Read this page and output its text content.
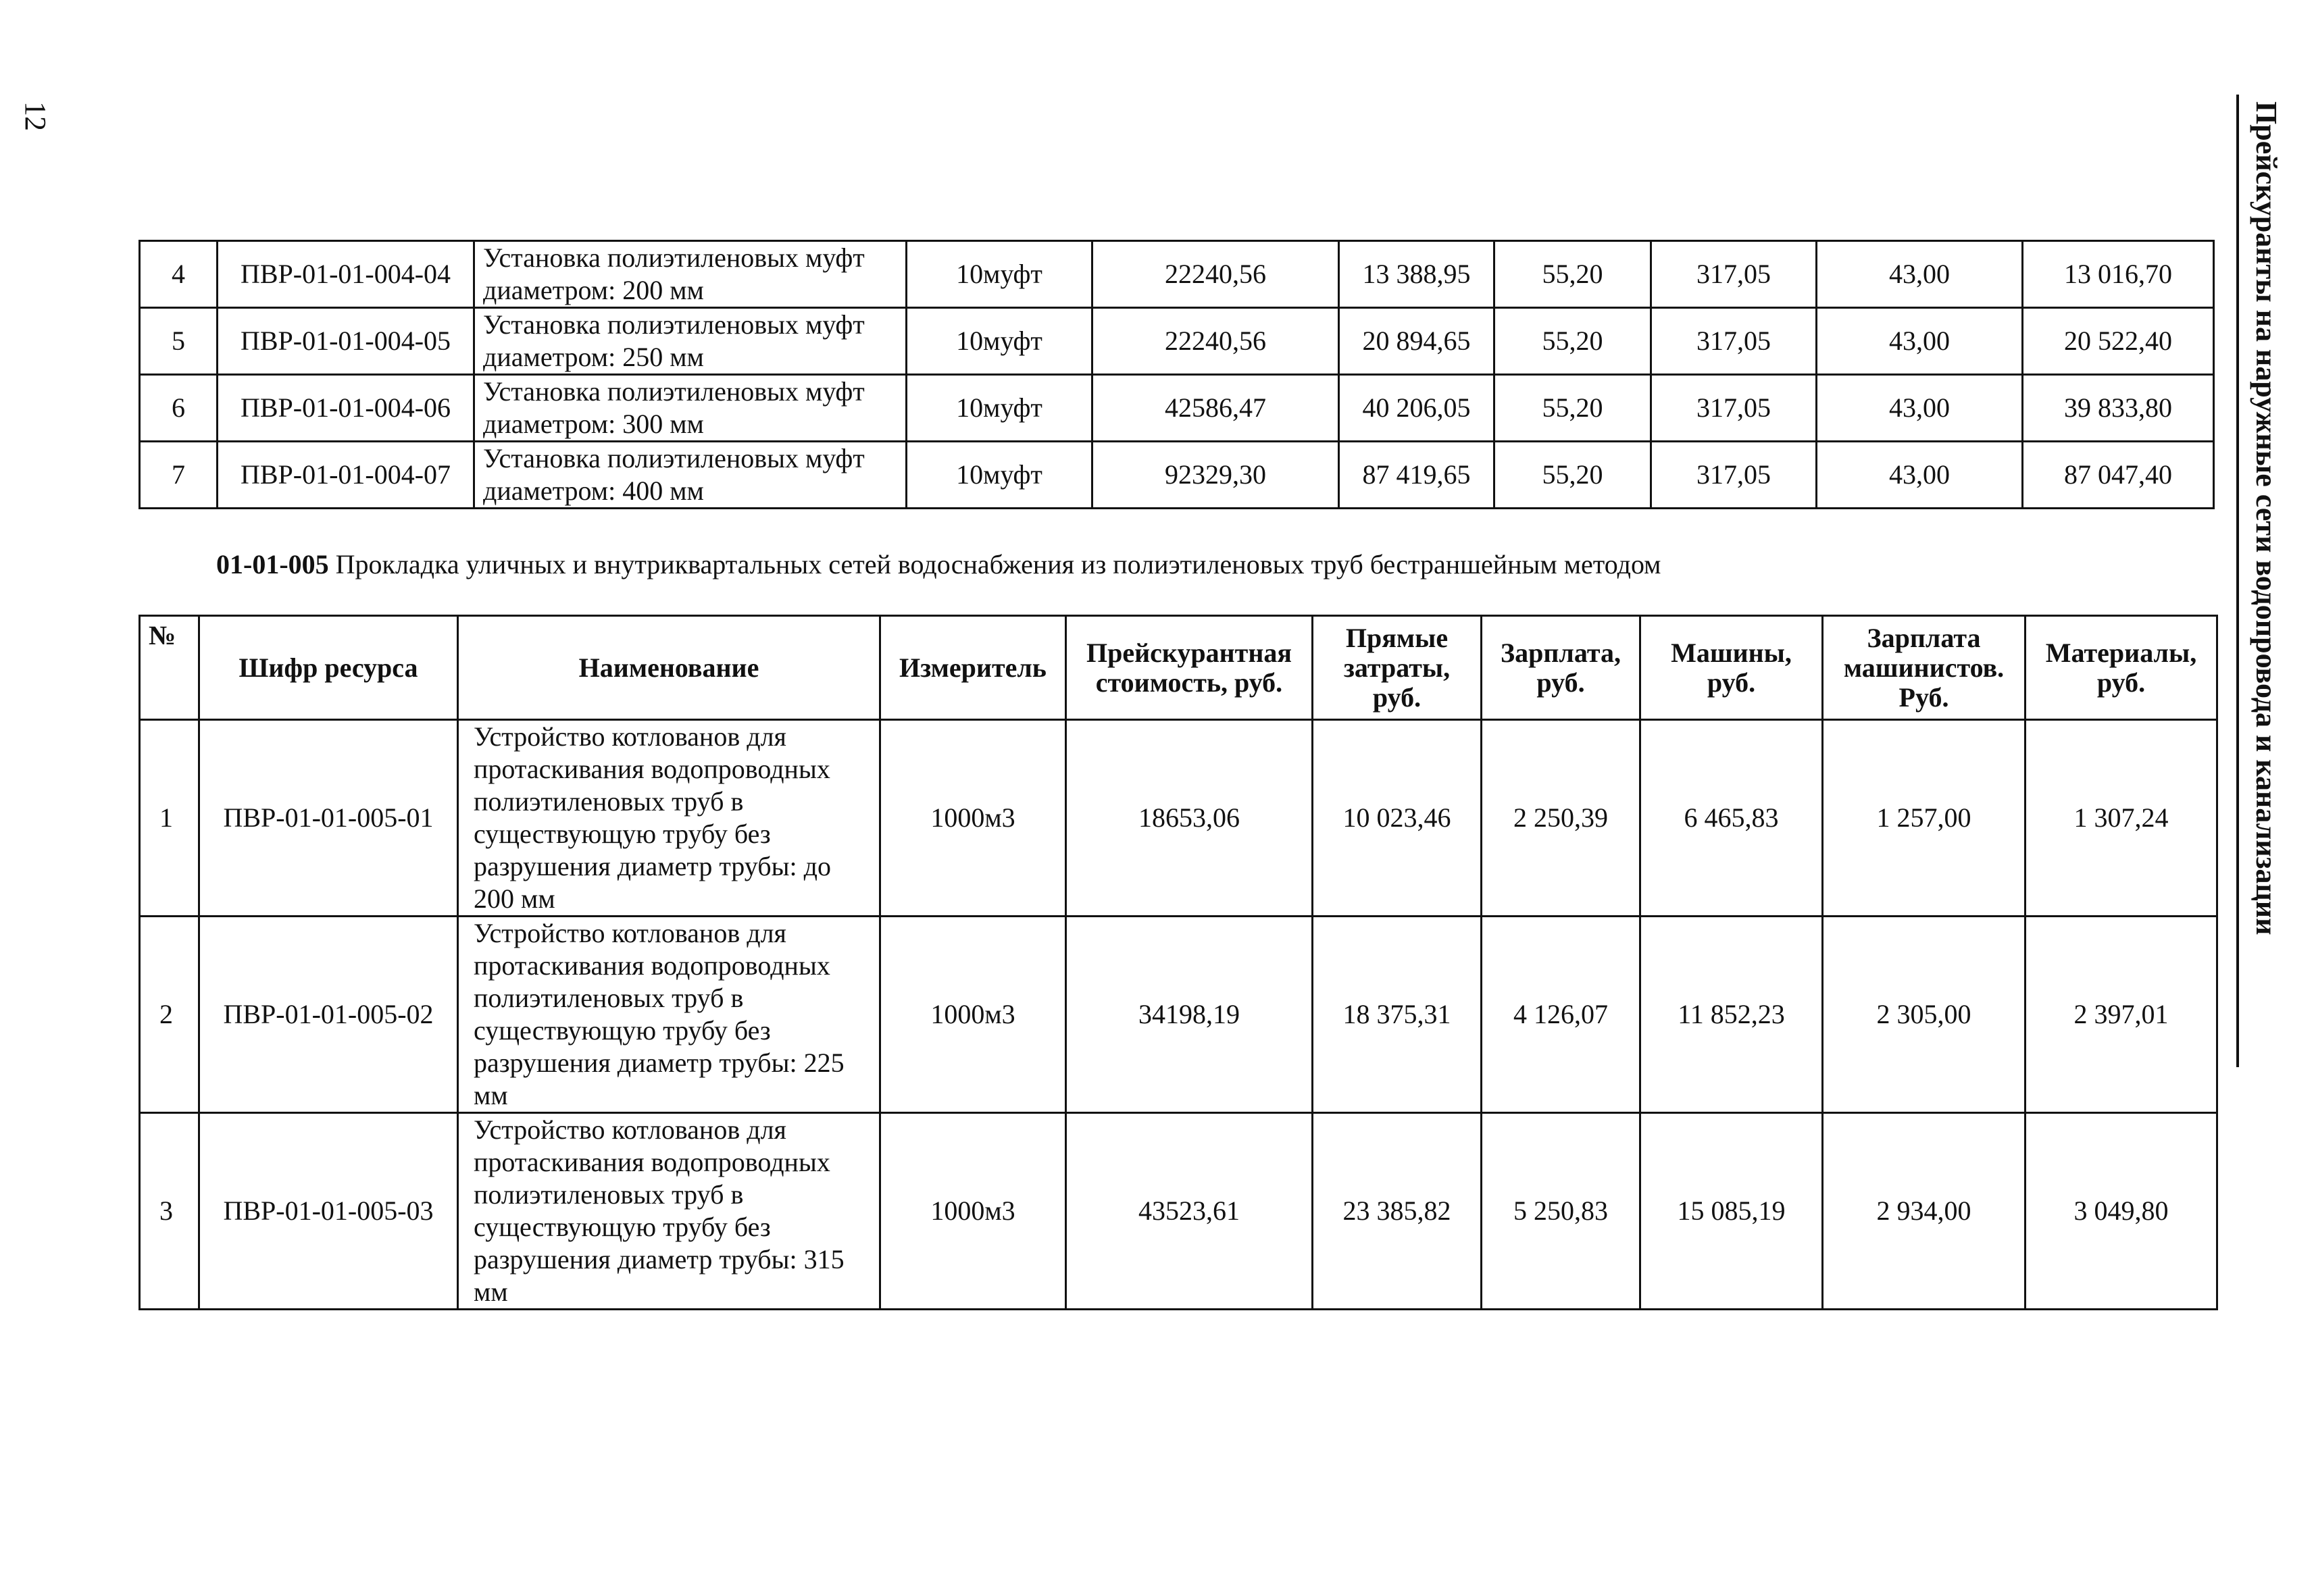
12	Прейскуранты на наружные сети водопровода и канализации
4	ПВР-01-01-004-04	Установка полиэтиленовых муфт диаметром: 200 мм	10муфт	22240,56	13 388,95	55,20	317,05	43,00	13 016,70
5	ПВР-01-01-004-05	Установка полиэтиленовых муфт диаметром: 250 мм	10муфт	22240,56	20 894,65	55,20	317,05	43,00	20 522,40
6	ПВР-01-01-004-06	Установка полиэтиленовых муфт диаметром: 300 мм	10муфт	42586,47	40 206,05	55,20	317,05	43,00	39 833,80
7	ПВР-01-01-004-07	Установка полиэтиленовых муфт диаметром: 400 мм	10муфт	92329,30	87 419,65	55,20	317,05	43,00	87 047,40
01-01-005 Прокладка уличных и внутриквартальных сетей водоснабжения из полиэтиленовых труб бестраншейным методом
№	Шифр ресурса	Наименование	Измеритель	Прейскурантная стоимость, руб.	Прямые затраты, руб.	Зарплата, руб.	Машины, руб.	Зарплата машинистов. Руб.	Материалы, руб.
1	ПВР-01-01-005-01	Устройство котлованов для протаскивания водопроводных полиэтиленовых труб в существующую трубу без разрушения диаметр трубы: до 200 мм	1000м3	18653,06	10 023,46	2 250,39	6 465,83	1 257,00	1 307,24
2	ПВР-01-01-005-02	Устройство котлованов для протаскивания водопроводных полиэтиленовых труб в существующую трубу без разрушения диаметр трубы: 225 мм	1000м3	34198,19	18 375,31	4 126,07	11 852,23	2 305,00	2 397,01
3	ПВР-01-01-005-03	Устройство котлованов для протаскивания водопроводных полиэтиленовых труб в существующую трубу без разрушения диаметр трубы: 315 мм	1000м3	43523,61	23 385,82	5 250,83	15 085,19	2 934,00	3 049,80
